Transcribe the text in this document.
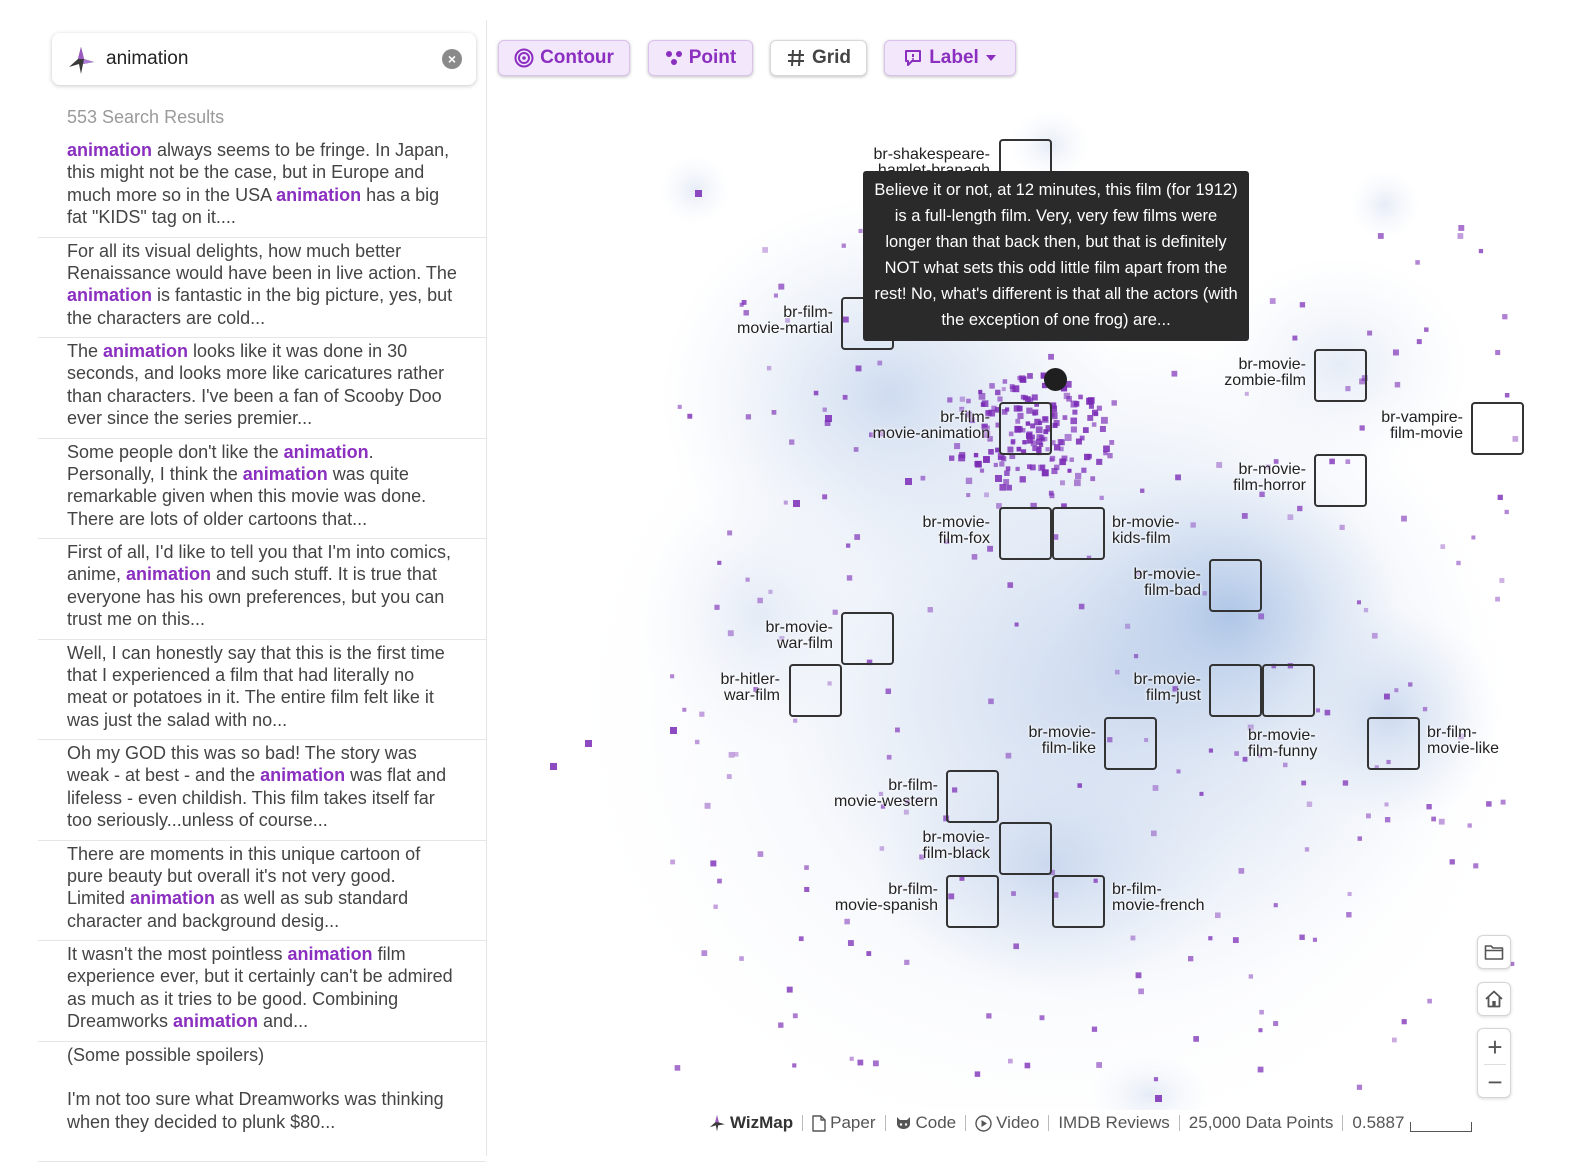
animation
×
553 Search Results

animation always seems to be fringe. In Japan, this might not be the case, but in Europe and much more so in the USA animation has a big fat "KIDS" tag on it....

For all its visual delights, how much better Renaissance would have been in live action. The animation is fantastic in the big picture, yes, but the characters are cold...

The animation looks like it was done in 30 seconds, and looks more like caricatures rather than characters. I've been a fan of Scooby Doo ever since the series premier...

Some people don't like the animation. Personally, I think the animation was quite remarkable given when this movie was done. There are lots of older cartoons that...

First of all, I'd like to tell you that I'm into comics, anime, animation and such stuff. It is true that everyone has his own preferences, but you can trust me on this...

Well, I can honestly say that this is the first time that I experienced a film that had literally no meat or potatoes in it. The entire film felt like it was just the salad with no...

Oh my GOD this was so bad! The story was weak - at best - and the animation was flat and lifeless - even childish. This film takes itself far too seriously...unless of course...

There are moments in this unique cartoon of pure beauty but overall it's not very good. Limited animation as well as sub standard character and background desig...

It wasn't the most pointless animation film experience ever, but it certainly can't be admired as much as it tries to be good. Combining Dreamworks animation and...

(Some possible spoilers)

I'm not too sure what Dreamworks was thinking when they decided to plunk $80...

Contour	Point	Grid	Label
br-shakespeare-
br-film-
movie-martial
br-movie-
zombie-film
br-film-
movie-animation
br-vampire-
film-movie
br-movie-
film-horror
br-movie-
film-fox
br-movie-
kids-film
br-movie-
film-bad
br-movie-
war-film
br-hitler-
war-film
br-movie-
film-just
br-movie-
film-like
br-movie-
film-funny
br-film-
movie-like
br-film-
movie-western
br-movie-
film-black
br-film-
movie-spanish
br-film-
movie-french
Believe it or not, at 12 minutes, this film (for 1912) is a full-length film. Very, very few films were longer than that back then, but that is definitely NOT what sets this odd little film apart from the rest! No, what's different is that all the actors (with the exception of one frog) are...
+
−
WizMap Paper Code Video IMDB Reviews 25,000 Data Points 0.5887
